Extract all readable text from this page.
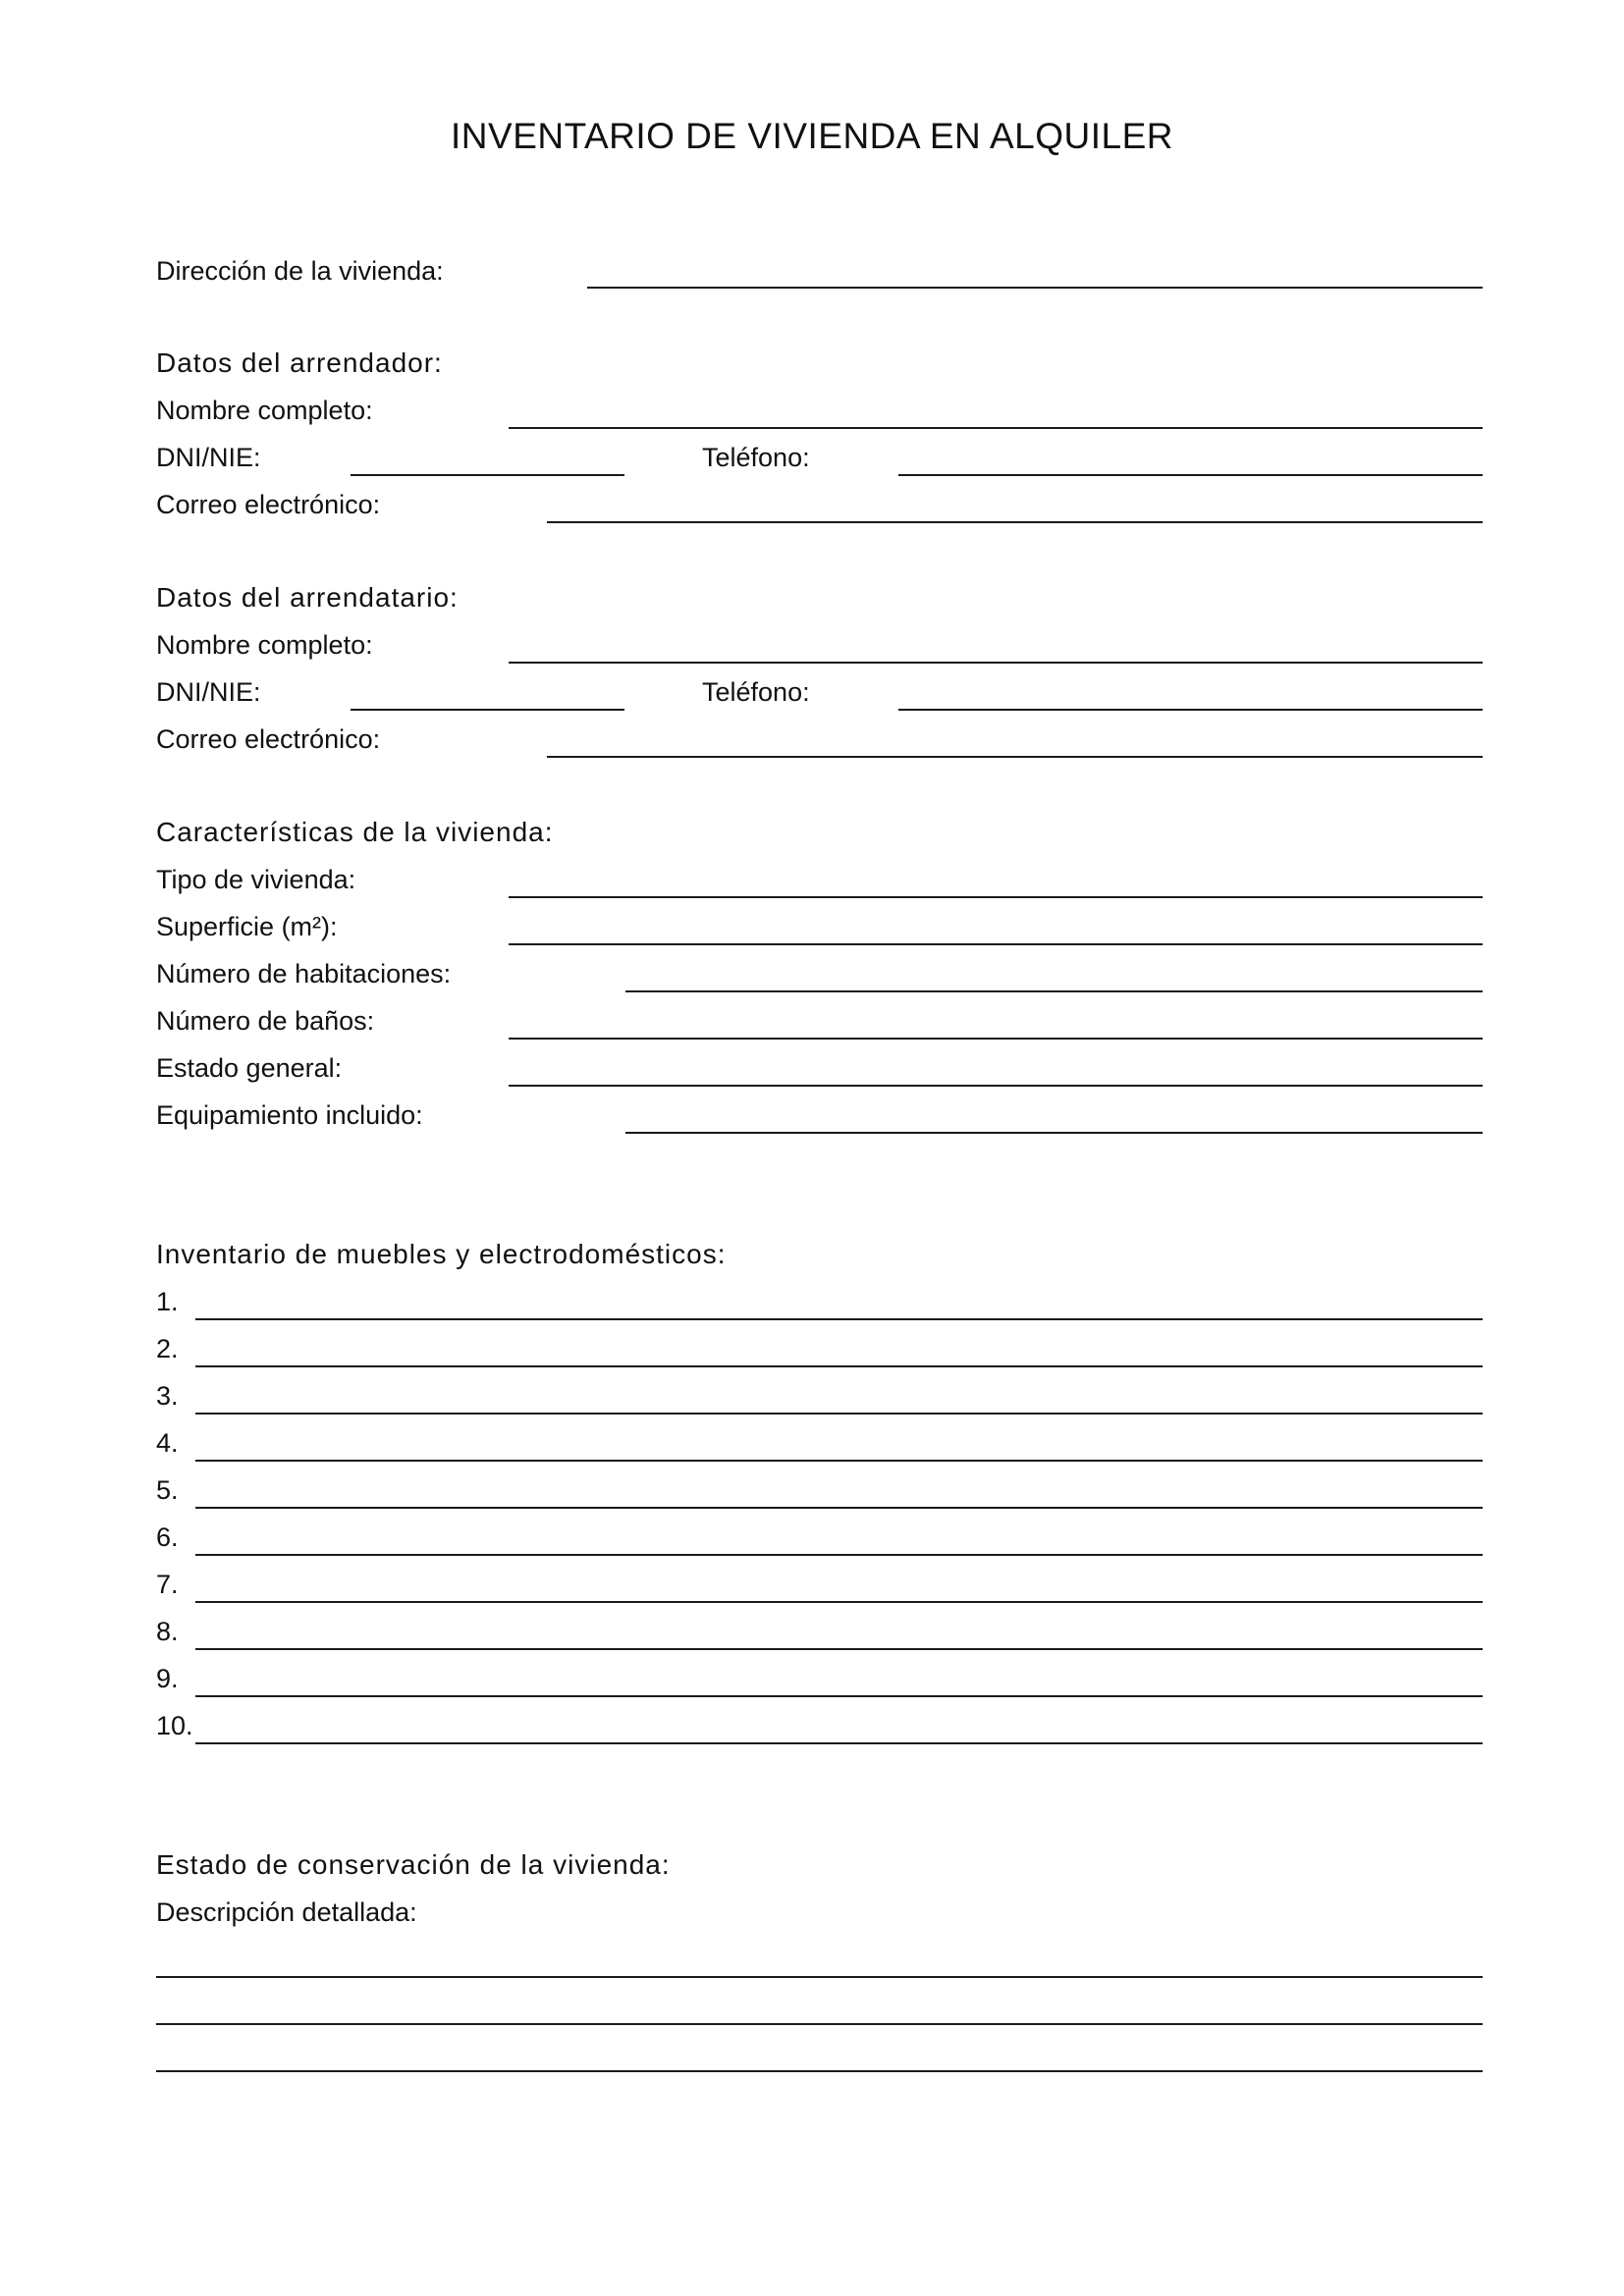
INVENTARIO DE VIVIENDA EN ALQUILER
Dirección de la vivienda:
Datos del arrendador:
Nombre completo:
DNI/NIE:	Teléfono:
Correo electrónico:
Datos del arrendatario:
Nombre completo:
DNI/NIE:	Teléfono:
Correo electrónico:
Características de la vivienda:
Tipo de vivienda:
Superficie (m²):
Número de habitaciones:
Número de baños:
Estado general:
Equipamiento incluido:
Inventario de muebles y electrodomésticos:
1.
2.
3.
4.
5.
6.
7.
8.
9.
10.
Estado de conservación de la vivienda:
Descripción detallada:
